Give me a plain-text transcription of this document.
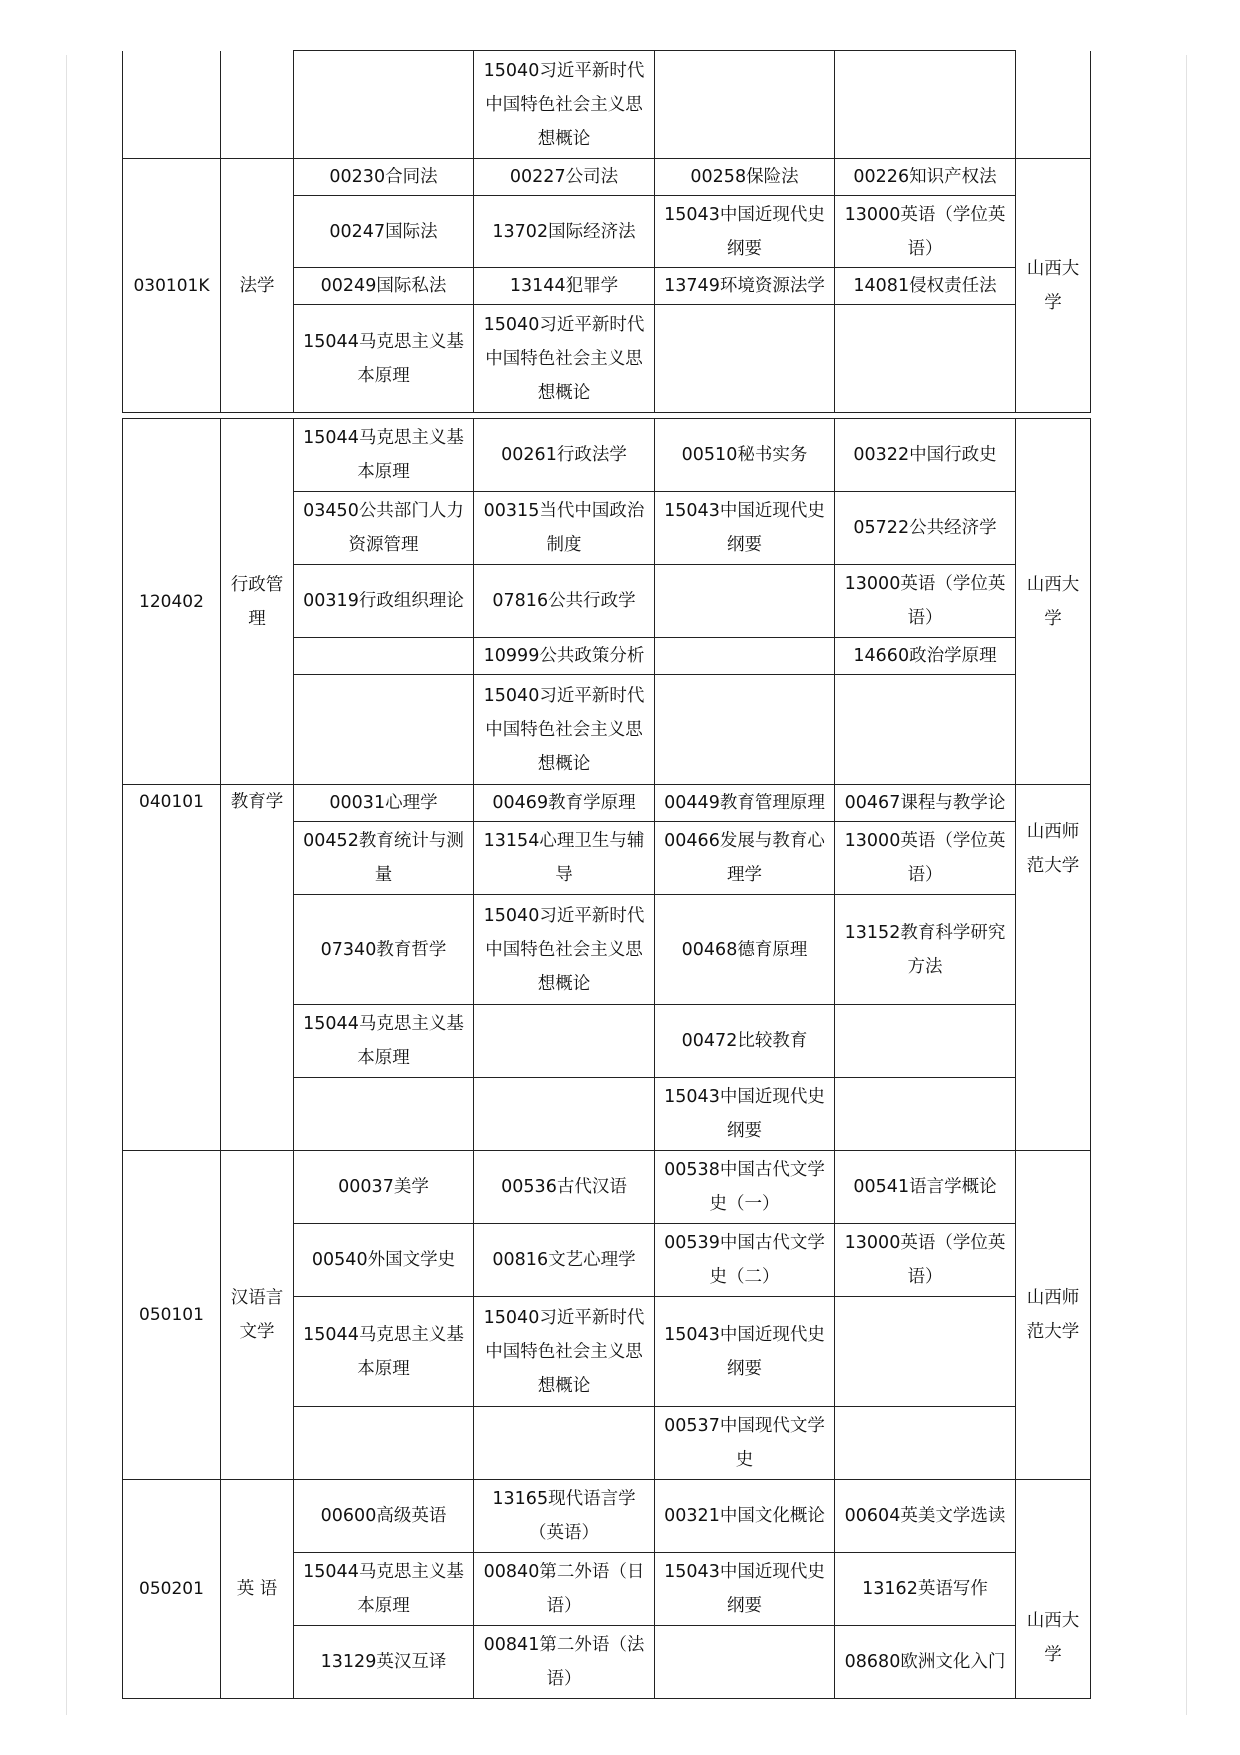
			15040习近平新时代中国特色社会主义思想概论			
030101K	法学	00230合同法	00227公司法	00258保险法	00226知识产权法	山西大学
		00247国际法	13702国际经济法	15043中国近现代史纲要	13000英语（学位英语）	
		00249国际私法	13144犯罪学	13749环境资源法学	14081侵权责任法	
		15044马克思主义基本原理	15040习近平新时代中国特色社会主义思想概论			
120402	行政管理	15044马克思主义基本原理	00261行政法学	00510秘书实务	00322中国行政史	山西大学
		03450公共部门人力资源管理	00315当代中国政治制度	15043中国近现代史纲要	05722公共经济学	
		00319行政组织理论	07816公共行政学		13000英语（学位英语）	
			10999公共政策分析		14660政治学原理	
			15040习近平新时代中国特色社会主义思想概论			
040101	教育学	00031心理学	00469教育学原理	00449教育管理原理	00467课程与教学论	山西师范大学
		00452教育统计与测量	13154心理卫生与辅导	00466发展与教育心理学	13000英语（学位英语）	
		07340教育哲学	15040习近平新时代中国特色社会主义思想概论	00468德育原理	13152教育科学研究方法	
		15044马克思主义基本原理		00472比较教育		
				15043中国近现代史纲要		
050101	汉语言文学	00037美学	00536古代汉语	00538中国古代文学史（一）	00541语言学概论	山西师范大学
		00540外国文学史	00816文艺心理学	00539中国古代文学史（二）	13000英语（学位英语）	
		15044马克思主义基本原理	15040习近平新时代中国特色社会主义思想概论	15043中国近现代史纲要		
				00537中国现代文学史		
050201	英 语	00600高级英语	13165现代语言学（英语）	00321中国文化概论	00604英美文学选读	山西大学
		15044马克思主义基本原理	00840第二外语（日语）	15043中国近现代史纲要	13162英语写作	
		13129英汉互译	00841第二外语（法语）		08680欧洲文化入门	
